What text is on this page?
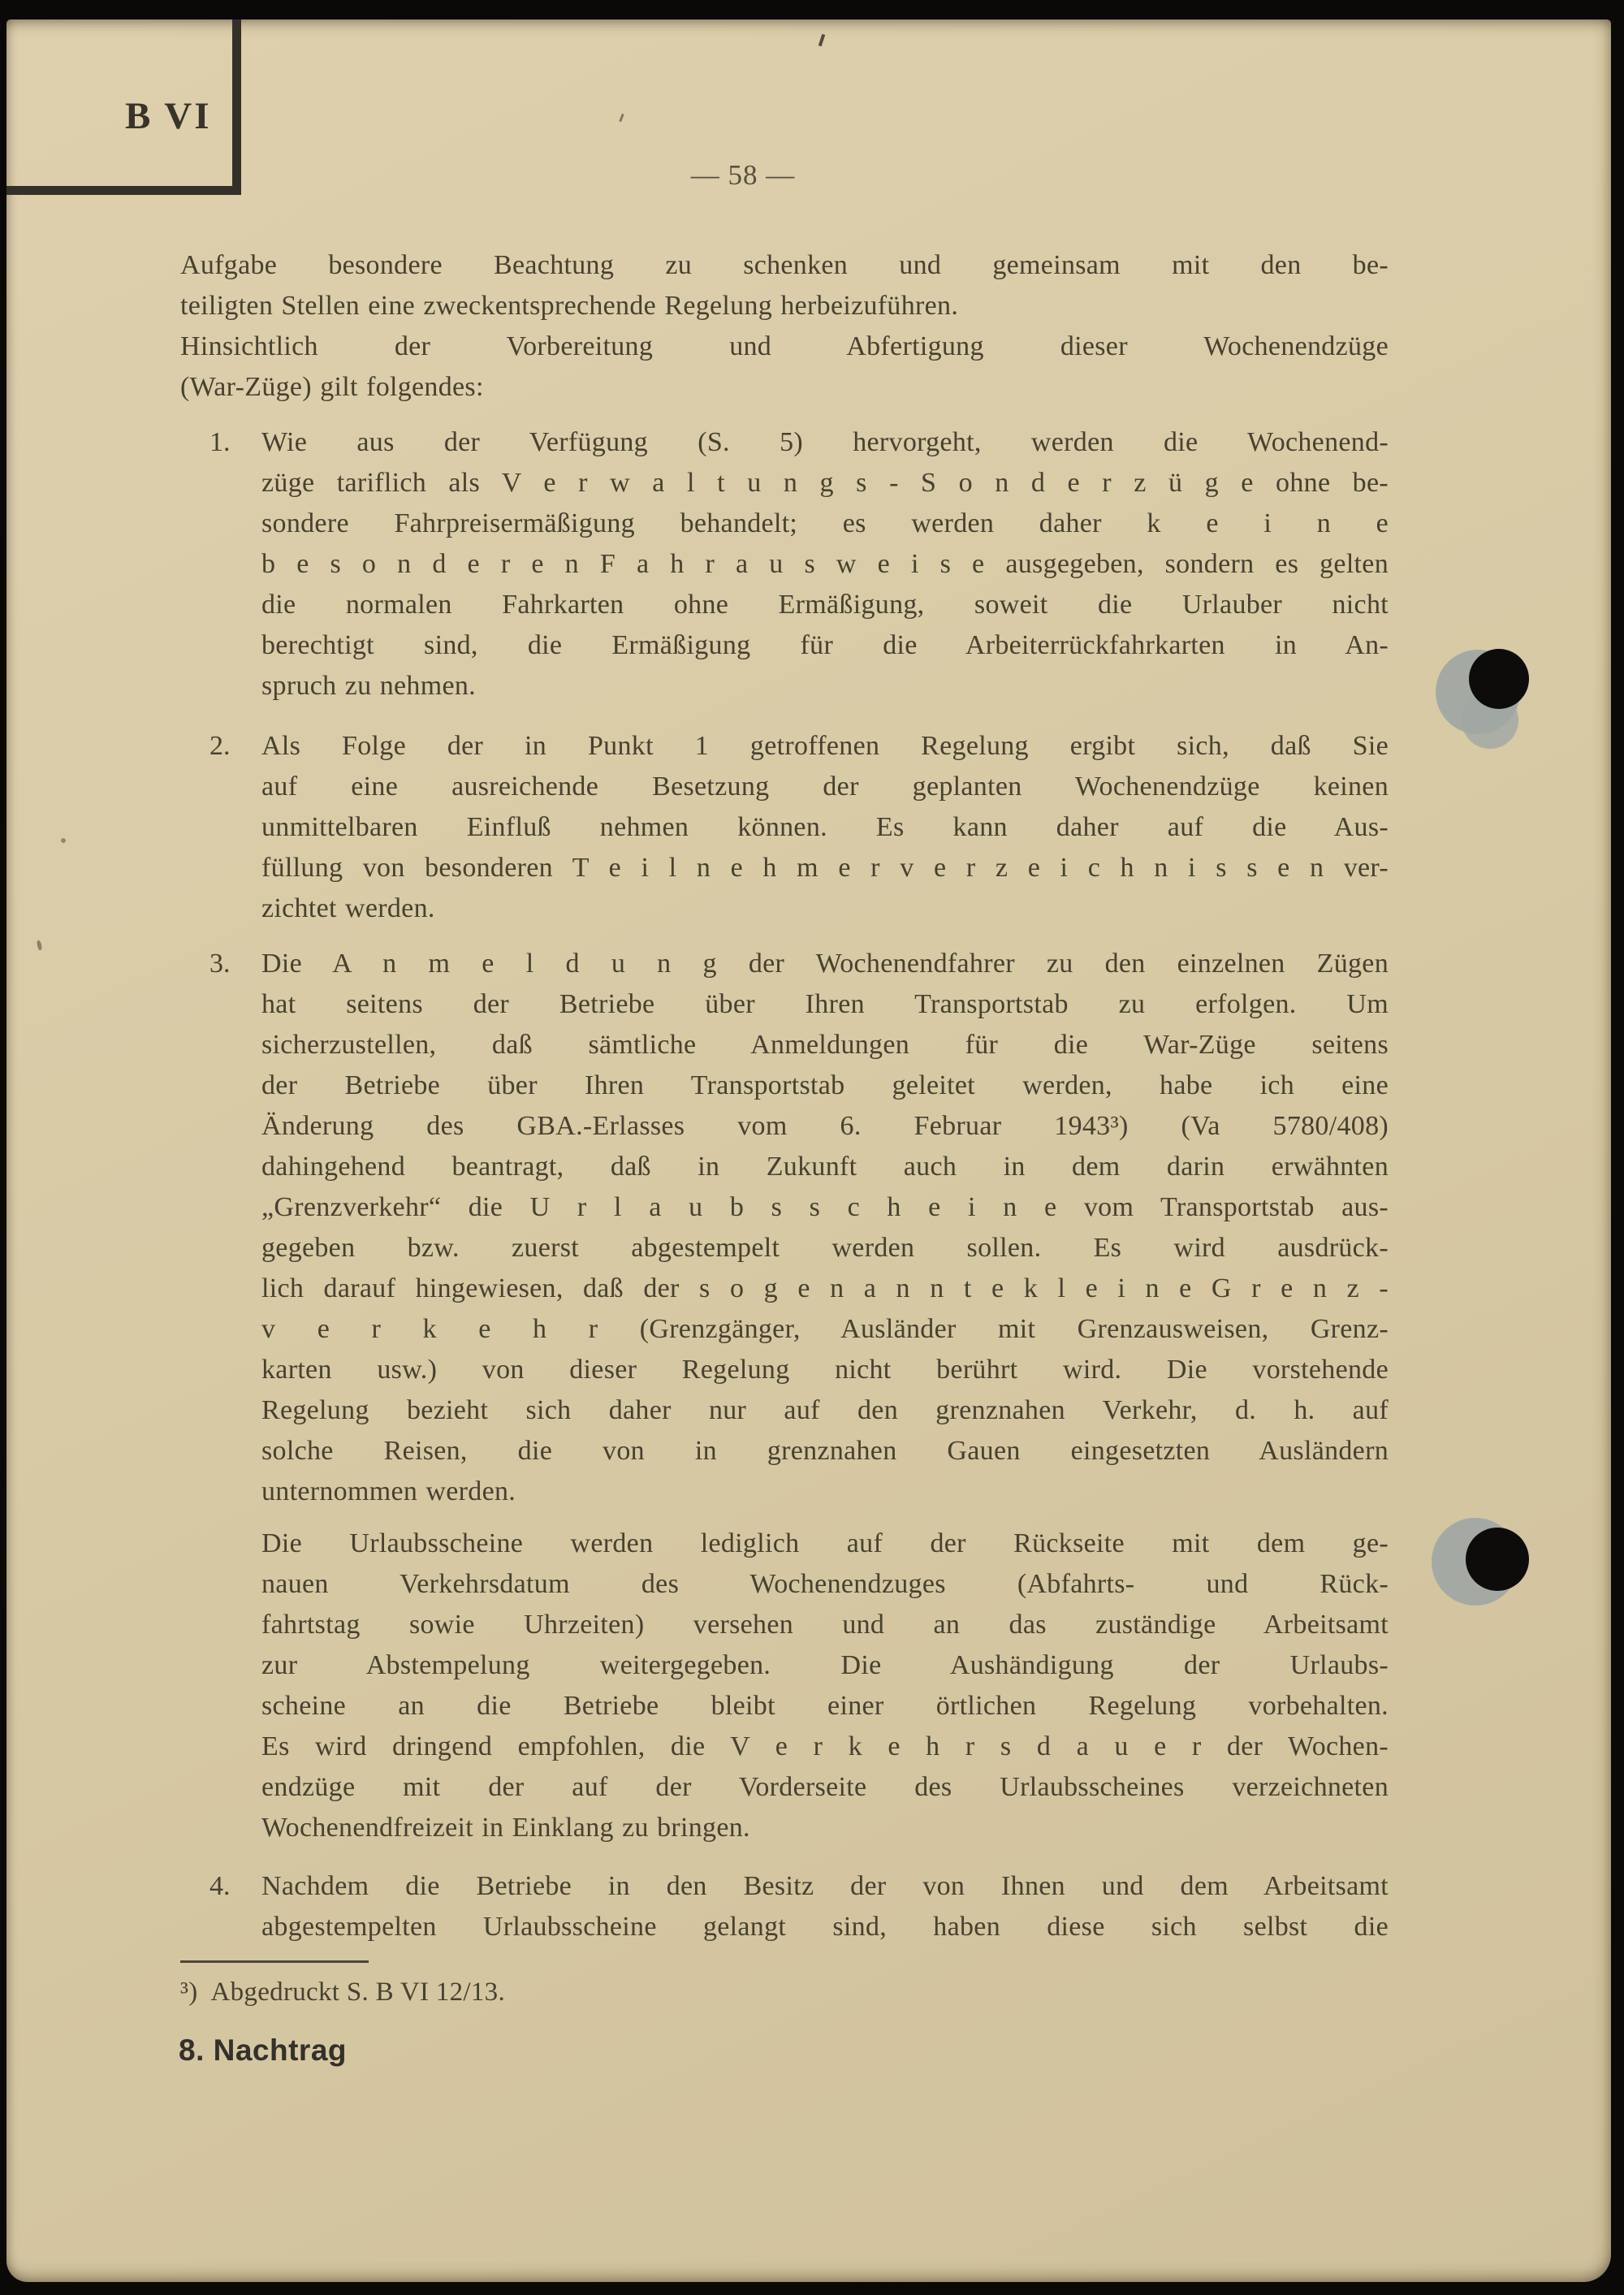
B VI
— 58 —
Aufgabe besondere Beachtung zu schenken und gemeinsam mit den be-
teiligten Stellen eine zweckentsprechende Regelung herbeizuführen.
Hinsichtlich der Vorbereitung und Abfertigung dieser Wochenendzüge
(War-Züge) gilt folgendes:
1. Wie aus der Verfügung (S. 5) hervorgeht, werden die Wochenend-
züge tariflich als V e r w a l t u n g s - S o n d e r z ü g e ohne be-
sondere Fahrpreisermäßigung behandelt; es werden daher k e i n e
b e s o n d e r e n F a h r a u s w e i s e ausgegeben, sondern es gelten
die normalen Fahrkarten ohne Ermäßigung, soweit die Urlauber nicht
berechtigt sind, die Ermäßigung für die Arbeiterrückfahrkarten in An-
spruch zu nehmen.
2. Als Folge der in Punkt 1 getroffenen Regelung ergibt sich, daß Sie
auf eine ausreichende Besetzung der geplanten Wochenendzüge keinen
unmittelbaren Einfluß nehmen können. Es kann daher auf die Aus-
füllung von besonderen T e i l n e h m e r v e r z e i c h n i s s e n ver-
zichtet werden.
3. Die A n m e l d u n g der Wochenendfahrer zu den einzelnen Zügen
hat seitens der Betriebe über Ihren Transportstab zu erfolgen. Um
sicherzustellen, daß sämtliche Anmeldungen für die War-Züge seitens
der Betriebe über Ihren Transportstab geleitet werden, habe ich eine
Änderung des GBA.-Erlasses vom 6. Februar 1943³) (Va 5780/408)
dahingehend beantragt, daß in Zukunft auch in dem darin erwähnten
„Grenzverkehr“ die U r l a u b s s c h e i n e vom Transportstab aus-
gegeben bzw. zuerst abgestempelt werden sollen. Es wird ausdrück-
lich darauf hingewiesen, daß der s o g e n a n n t e k l e i n e G r e n z -
v e r k e h r (Grenzgänger, Ausländer mit Grenzausweisen, Grenz-
karten usw.) von dieser Regelung nicht berührt wird. Die vorstehende
Regelung bezieht sich daher nur auf den grenznahen Verkehr, d. h. auf
solche Reisen, die von in grenznahen Gauen eingesetzten Ausländern
unternommen werden.
Die Urlaubsscheine werden lediglich auf der Rückseite mit dem ge-
nauen Verkehrsdatum des Wochenendzuges (Abfahrts- und Rück-
fahrtstag sowie Uhrzeiten) versehen und an das zuständige Arbeitsamt
zur Abstempelung weitergegeben. Die Aushändigung der Urlaubs-
scheine an die Betriebe bleibt einer örtlichen Regelung vorbehalten.
Es wird dringend empfohlen, die V e r k e h r s d a u e r der Wochen-
endzüge mit der auf der Vorderseite des Urlaubsscheines verzeichneten
Wochenendfreizeit in Einklang zu bringen.
4. Nachdem die Betriebe in den Besitz der von Ihnen und dem Arbeitsamt
abgestempelten Urlaubsscheine gelangt sind, haben diese sich selbst die
³) Abgedruckt S. B VI 12/13.
8. Nachtrag
